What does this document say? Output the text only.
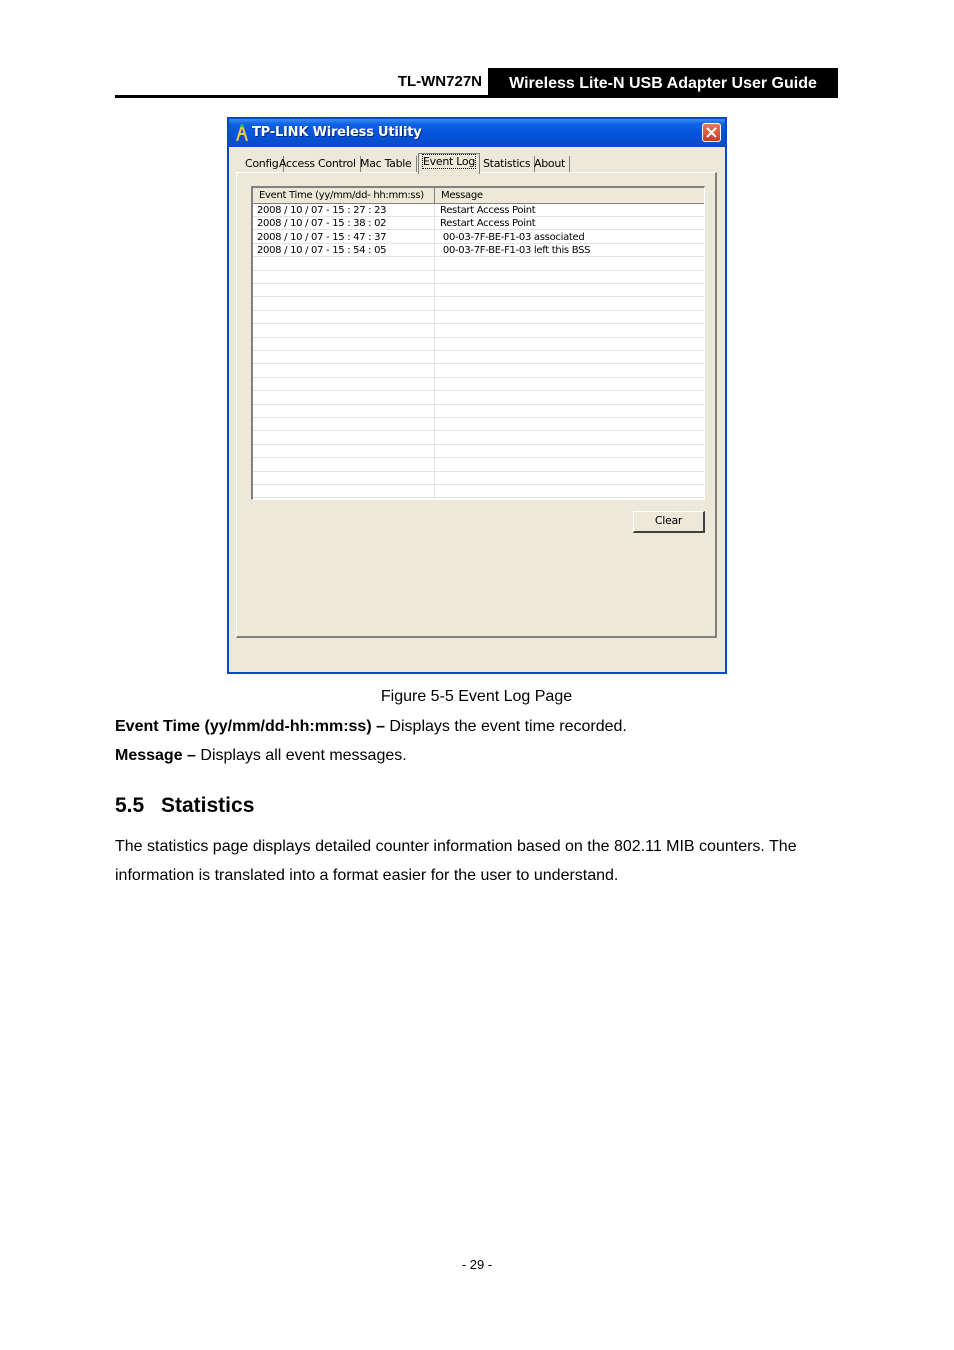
TL-WN727N	Wireless Lite-N USB Adapter User Guide
TP-LINK Wireless Utility
Config Access Control Mac Table	Event Log Statistics About
Event Time (yy/mm/dd- hh:mm:ss)	Message
2008 / 10 / 07 - 15 : 27 : 23	Restart Access Point
2008 / 10 / 07 - 15 : 38 : 02	Restart Access Point
2008 / 10 / 07 - 15 : 47 : 37	00-03-7F-BE-F1-03 associated
2008 / 10 / 07 - 15 : 54 : 05	00-03-7F-BE-F1-03 left this BSS
Clear
Figure 5-5 Event Log Page
Event Time (yy/mm/dd-hh:mm:ss) – Displays the event time recorded.
Message – Displays all event messages.
5.5 Statistics
The statistics page displays detailed counter information based on the 802.11 MIB counters. The
information is translated into a format easier for the user to understand.
- 29 -
